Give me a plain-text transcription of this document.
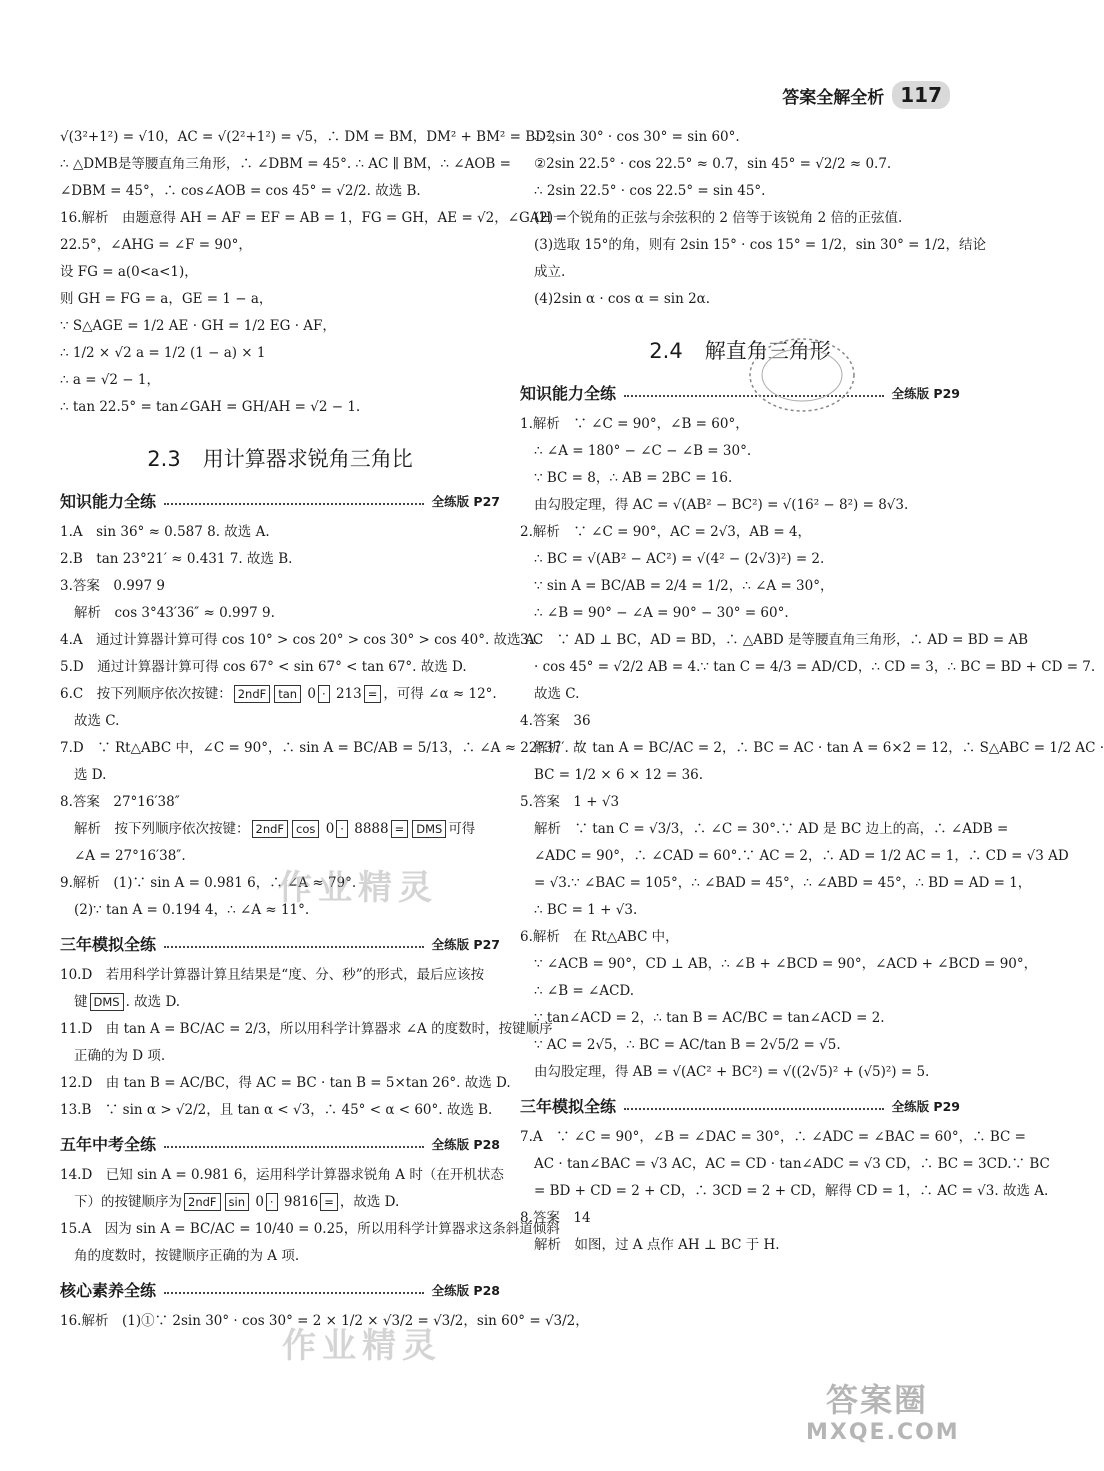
答案全解全析 117
√(3²+1²) = √10，AC = √(2²+1²) = √5，∴ DM = BM，DM² + BM² = BD²，
∴ △DMB是等腰直角三角形，∴ ∠DBM = 45°. ∴ AC ∥ BM，∴ ∠AOB =
∠DBM = 45°，∴ cos∠AOB = cos 45° = √2/2. 故选 B.
16.解析　由题意得 AH = AF = EF = AB = 1，FG = GH，AE = √2，∠GAH =
22.5°，∠AHG = ∠F = 90°，
设 FG = a(0<a<1)，
则 GH = FG = a，GE = 1 − a，
∵ S△AGE = 1/2 AE · GH = 1/2 EG · AF，
∴ 1/2 × √2 a = 1/2 (1 − a) × 1
∴ a = √2 − 1，
∴ tan 22.5° = tan∠GAH = GH/AH = √2 − 1.
2.3 用计算器求锐角三角比
知识能力全练	全练版 P27
1.A　sin 36° ≈ 0.587 8. 故选 A.
2.B　tan 23°21′ ≈ 0.431 7. 故选 B.
3.答案　0.997 9
解析　cos 3°43′36″ ≈ 0.997 9.
4.A　通过计算器计算可得 cos 10° > cos 20° > cos 30° > cos 40°. 故选 A.
5.D　通过计算器计算可得 cos 67° < sin 67° < tan 67°. 故选 D.
6.C　按下列顺序依次按键： 2ndF tan 0 · 213 = ，可得 ∠α ≈ 12°.
故选 C.
7.D　∵ Rt△ABC 中，∠C = 90°，∴ sin A = BC/AB = 5/13，∴ ∠A ≈ 22°37′. 故
选 D.
8.答案　27°16′38″
解析　按下列顺序依次按键： 2ndF cos 0 · 8888 = DMS 可得
∠A = 27°16′38″.
9.解析　(1)∵ sin A = 0.981 6，∴ ∠A ≈ 79°.
(2)∵ tan A = 0.194 4，∴ ∠A ≈ 11°.
三年模拟全练	全练版 P27
10.D　若用科学计算器计算且结果是“度、分、秒”的形式，最后应该按
键 DMS . 故选 D.
11.D　由 tan A = BC/AC = 2/3，所以用科学计算器求 ∠A 的度数时，按键顺序
正确的为 D 项.
12.D　由 tan B = AC/BC，得 AC = BC · tan B = 5×tan 26°. 故选 D.
13.B　∵ sin α > √2/2，且 tan α < √3，∴ 45° < α < 60°. 故选 B.
五年中考全练	全练版 P28
14.D　已知 sin A = 0.981 6，运用科学计算器求锐角 A 时（在开机状态
下）的按键顺序为 2ndF sin 0 · 9816 = ，故选 D.
15.A　因为 sin A = BC/AC = 10/40 = 0.25，所以用科学计算器求这条斜道倾斜
角的度数时，按键顺序正确的为 A 项.
核心素养全练	全练版 P28
16.解析　(1)①∵ 2sin 30° · cos 30° = 2 × 1/2 × √3/2 = √3/2，sin 60° = √3/2，
∴ 2sin 30° · cos 30° = sin 60°.
②2sin 22.5° · cos 22.5° ≈ 0.7，sin 45° = √2/2 ≈ 0.7.
∴ 2sin 22.5° · cos 22.5° = sin 45°.
(2)一个锐角的正弦与余弦积的 2 倍等于该锐角 2 倍的正弦值.
(3)选取 15°的角，则有 2sin 15° · cos 15° = 1/2，sin 30° = 1/2，结论
成立.
(4)2sin α · cos α = sin 2α.
2.4 解直角三角形
知识能力全练	全练版 P29
1.解析　∵ ∠C = 90°，∠B = 60°，
∴ ∠A = 180° − ∠C − ∠B = 30°.
∵ BC = 8，∴ AB = 2BC = 16.
由勾股定理，得 AC = √(AB² − BC²) = √(16² − 8²) = 8√3.
2.解析　∵ ∠C = 90°，AC = 2√3，AB = 4，
∴ BC = √(AB² − AC²) = √(4² − (2√3)²) = 2.
∵ sin A = BC/AB = 2/4 = 1/2，∴ ∠A = 30°，
∴ ∠B = 90° − ∠A = 90° − 30° = 60°.
3.C　∵ AD ⊥ BC，AD = BD，∴ △ABD 是等腰直角三角形，∴ AD = BD = AB
· cos 45° = √2/2 AB = 4.∵ tan C = 4/3 = AD/CD，∴ CD = 3，∴ BC = BD + CD = 7.
故选 C.
4.答案　36
解析　∵ tan A = BC/AC = 2，∴ BC = AC · tan A = 6×2 = 12，∴ S△ABC = 1/2 AC ·
BC = 1/2 × 6 × 12 = 36.
5.答案　1 + √3
解析　∵ tan C = √3/3，∴ ∠C = 30°.∵ AD 是 BC 边上的高，∴ ∠ADB =
∠ADC = 90°，∴ ∠CAD = 60°.∵ AC = 2，∴ AD = 1/2 AC = 1，∴ CD = √3 AD
= √3.∵ ∠BAC = 105°，∴ ∠BAD = 45°，∴ ∠ABD = 45°，∴ BD = AD = 1，
∴ BC = 1 + √3.
6.解析　在 Rt△ABC 中，
∵ ∠ACB = 90°，CD ⊥ AB，∴ ∠B + ∠BCD = 90°，∠ACD + ∠BCD = 90°，
∴ ∠B = ∠ACD.
∵ tan∠ACD = 2，∴ tan B = AC/BC = tan∠ACD = 2.
∵ AC = 2√5，∴ BC = AC/tan B = 2√5/2 = √5.
由勾股定理，得 AB = √(AC² + BC²) = √((2√5)² + (√5)²) = 5.
三年模拟全练	全练版 P29
7.A　∵ ∠C = 90°，∠B = ∠DAC = 30°，∴ ∠ADC = ∠BAC = 60°，∴ BC =
AC · tan∠BAC = √3 AC，AC = CD · tan∠ADC = √3 CD，∴ BC = 3CD.∵ BC
= BD + CD = 2 + CD，∴ 3CD = 2 + CD，解得 CD = 1，∴ AC = √3. 故选 A.
8.答案　14
解析　如图，过 A 点作 AH ⊥ BC 于 H.
作业精灵
作业精灵
答案圈
MXQE.COM
